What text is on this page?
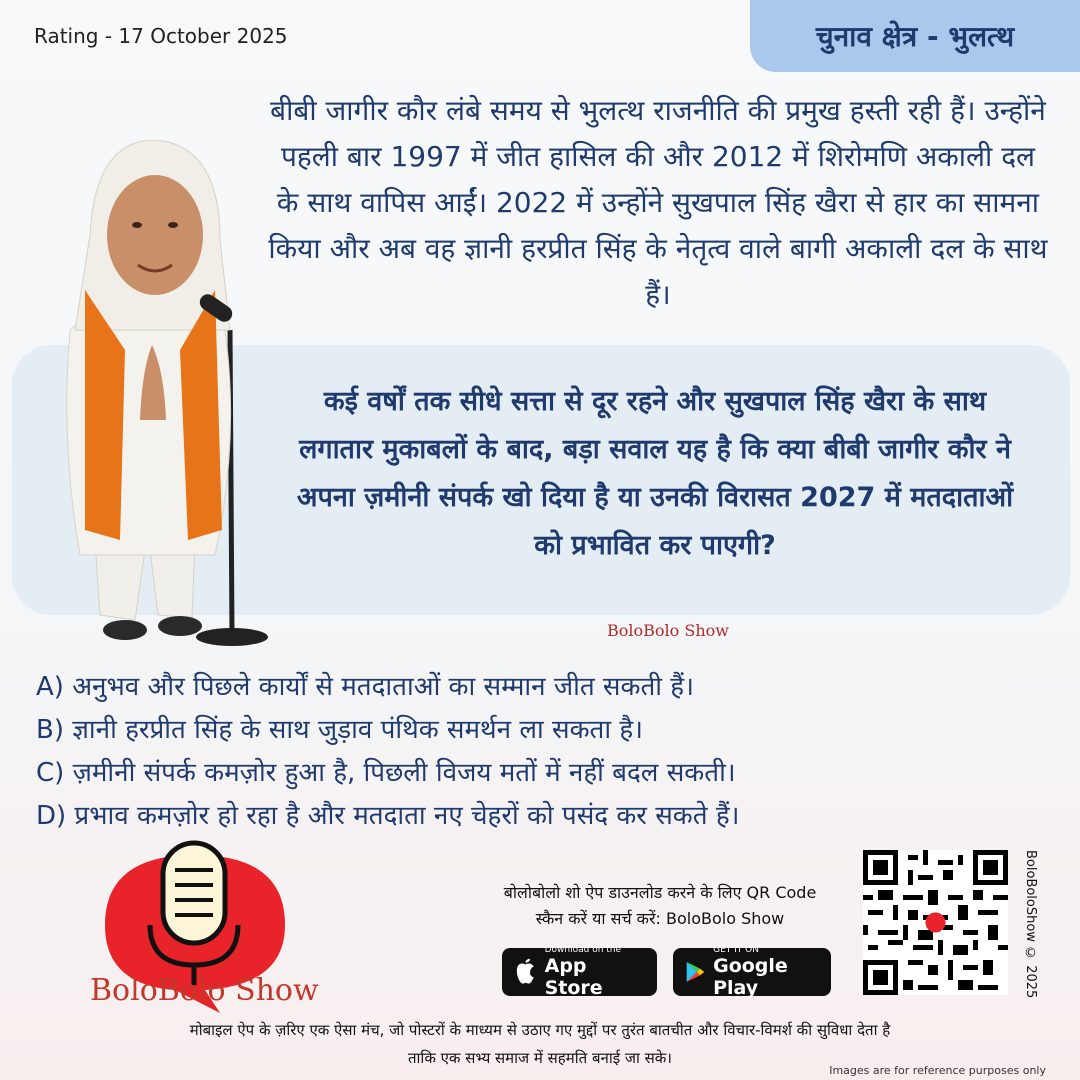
Rating - 17 October 2025	चुनाव क्षेत्र - भुलत्थ
बीबी जागीर कौर लंबे समय से भुलत्थ राजनीति की प्रमुख हस्ती रही हैं। उन्होंने पहली बार 1997 में जीत हासिल की और 2012 में शिरोमणि अकाली दल के साथ वापिस आईं। 2022 में उन्होंने सुखपाल सिंह खैरा से हार का सामना किया और अब वह ज्ञानी हरप्रीत सिंह के नेतृत्व वाले बागी अकाली दल के साथ हैं।
कई वर्षों तक सीधे सत्ता से दूर रहने और सुखपाल सिंह खैरा के साथ लगातार मुकाबलों के बाद, बड़ा सवाल यह है कि क्या बीबी जागीर कौर ने अपना ज़मीनी संपर्क खो दिया है या उनकी विरासत 2027 में मतदाताओं को प्रभावित कर पाएगी?
BoloBolo Show
A) अनुभव और पिछले कार्यों से मतदाताओं का सम्मान जीत सकती हैं।
B) ज्ञानी हरप्रीत सिंह के साथ जुड़ाव पंथिक समर्थन ला सकता है।
C) ज़मीनी संपर्क कमज़ोर हुआ है, पिछली विजय मतों में नहीं बदल सकती।
D) प्रभाव कमज़ोर हो रहा है और मतदाता नए चेहरों को पसंद कर सकते हैं।
BoloBolo Show
बोलोबोलो शो ऐप डाउनलोड करने के लिए QR Code
स्कैन करें या सर्च करें: BoloBolo Show
Download on the
App Store
GET IT ON
Google Play	BoloBoloShow © 2025
मोबाइल ऐप के ज़रिए एक ऐसा मंच, जो पोस्टरों के माध्यम से उठाए गए मुद्दों पर तुरंत बातचीत और विचार-विमर्श की सुविधा देता है
ताकि एक सभ्य समाज में सहमति बनाई जा सके।
Images are for reference purposes only
